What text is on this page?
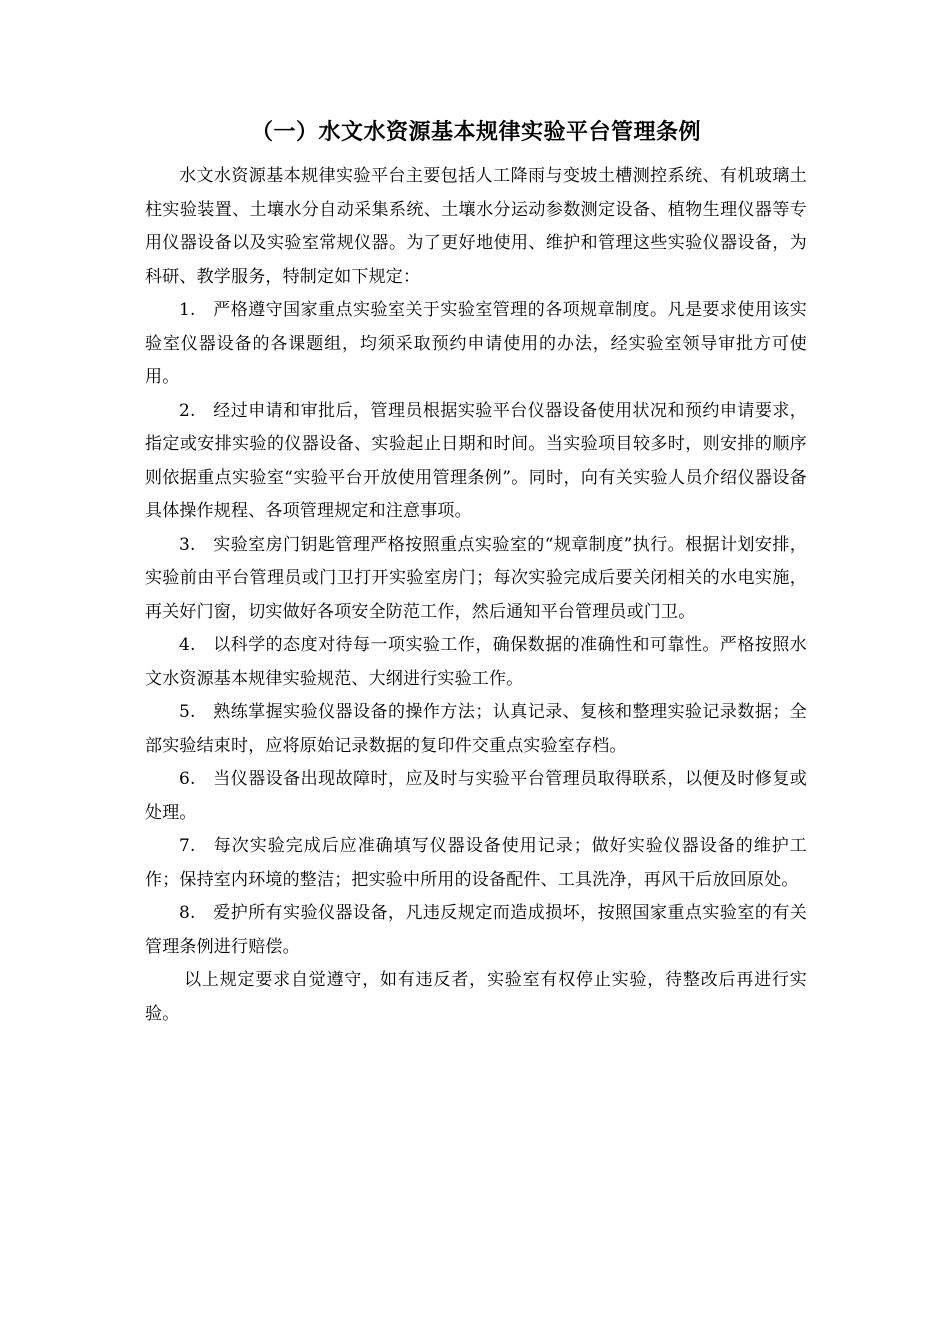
（一）水文水资源基本规律实验平台管理条例

水文水资源基本规律实验平台主要包括人工降雨与变坡土槽测控系统、有机玻璃土柱实验装置、土壤水分自动采集系统、土壤水分运动参数测定设备、植物生理仪器等专用仪器设备以及实验室常规仪器。为了更好地使用、维护和管理这些实验仪器设备，为科研、教学服务，特制定如下规定：

1. 严格遵守国家重点实验室关于实验室管理的各项规章制度。凡是要求使用该实验室仪器设备的各课题组，均须采取预约申请使用的办法，经实验室领导审批方可使用。

2. 经过申请和审批后，管理员根据实验平台仪器设备使用状况和预约申请要求，指定或安排实验的仪器设备、实验起止日期和时间。当实验项目较多时，则安排的顺序则依据重点实验室“实验平台开放使用管理条例”。同时，向有关实验人员介绍仪器设备具体操作规程、各项管理规定和注意事项。

3. 实验室房门钥匙管理严格按照重点实验室的“规章制度”执行。根据计划安排，实验前由平台管理员或门卫打开实验室房门；每次实验完成后要关闭相关的水电实施，再关好门窗，切实做好各项安全防范工作，然后通知平台管理员或门卫。

4. 以科学的态度对待每一项实验工作，确保数据的准确性和可靠性。严格按照水文水资源基本规律实验规范、大纲进行实验工作。

5. 熟练掌握实验仪器设备的操作方法；认真记录、复核和整理实验记录数据；全部实验结束时，应将原始记录数据的复印件交重点实验室存档。

6. 当仪器设备出现故障时，应及时与实验平台管理员取得联系，以便及时修复或处理。

7. 每次实验完成后应准确填写仪器设备使用记录；做好实验仪器设备的维护工作；保持室内环境的整洁；把实验中所用的设备配件、工具洗净，再风干后放回原处。

8. 爱护所有实验仪器设备，凡违反规定而造成损坏，按照国家重点实验室的有关管理条例进行赔偿。

以上规定要求自觉遵守，如有违反者，实验室有权停止实验，待整改后再进行实验。
